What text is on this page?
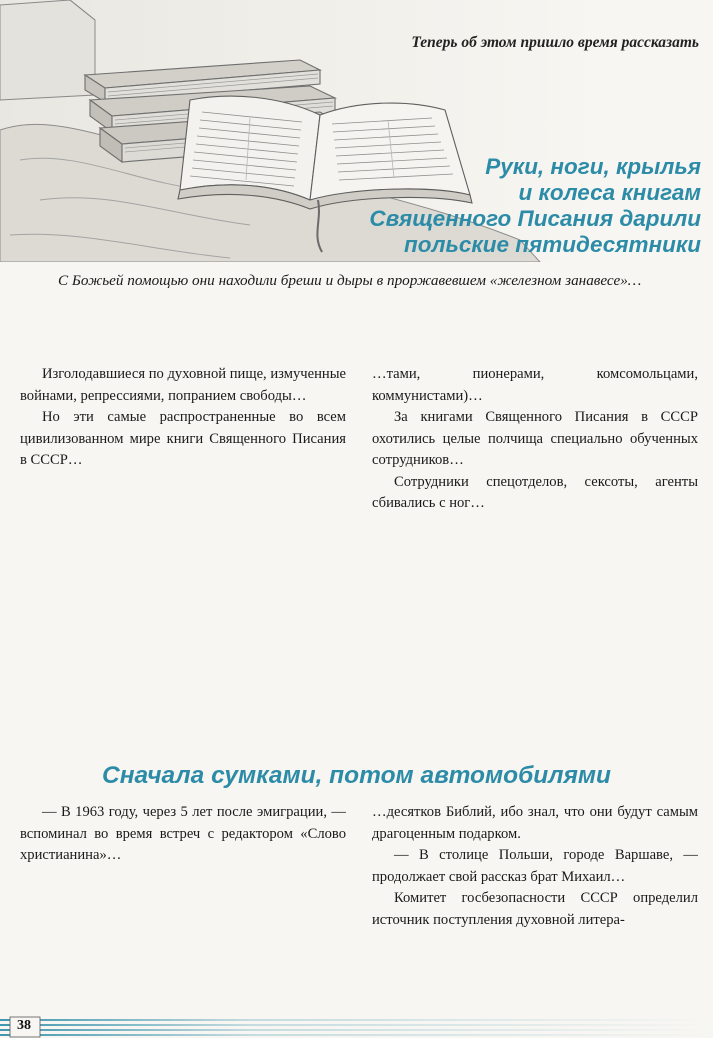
Теперь об этом пришло время рассказать
Руки, ноги, крылья
и колеса книгам
Священного Писания дарили
польские пятидесятники

С Божьей помощью они находили бреши и дыры в проржавевшем «железном занавесе»…

Изголодавшиеся по духовной пище, измученные войнами, репрессиями, попранием свободы…

Но эти самые распространенные во всем цивилизованном мире книги Священного Писания в СССР…

…тами, пионерами, комсомольцами, коммунистами)…

За книгами Священного Писания в СССР охотились целые полчища специально обученных сотрудников…

Сотрудники спецотделов, сексоты, агенты сбивались с ног…

Сначала сумками, потом автомобилями

— В 1963 году, через 5 лет после эмиграции, — вспоминал во время встреч с редактором «Слово христианина»…

…десятков Библий, ибо знал, что они будут самым драгоценным подарком.

— В столице Польши, городе Варшаве, — продолжает свой рассказ брат Михаил…

Комитет госбезопасности СССР определил источник поступления духовной литера-

38
